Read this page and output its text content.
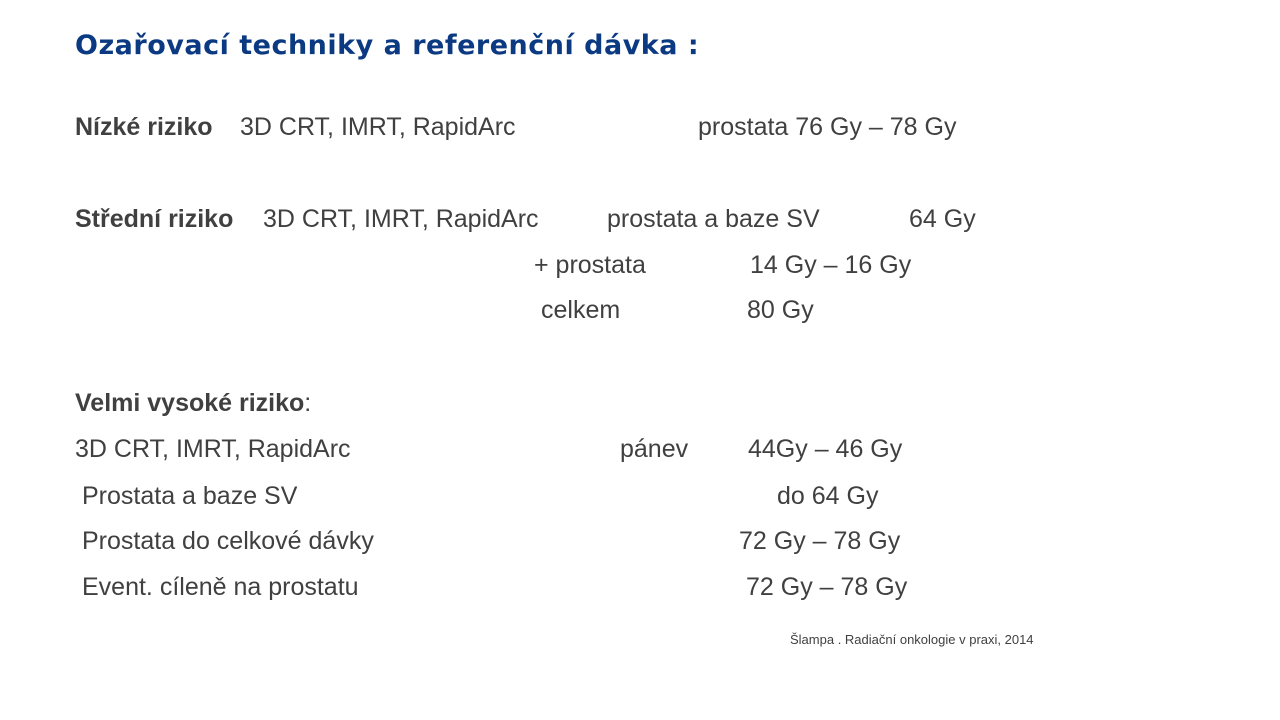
Ozařovací techniky a referenční dávka :
Nízké riziko 3D CRT, IMRT, RapidArc	prostata 76 Gy – 78 Gy
Střední riziko 3D CRT, IMRT, RapidArc	prostata a baze SV	64 Gy
+ prostata	14 Gy – 16 Gy
celkem	80 Gy
Velmi vysoké riziko:
3D CRT, IMRT, RapidArc	pánev 44Gy – 46 Gy
Prostata a baze SV	do 64 Gy
Prostata do celkové dávky	72 Gy – 78 Gy
Event. cíleně na prostatu	72 Gy – 78 Gy
Šlampa . Radiační onkologie v praxi, 2014
